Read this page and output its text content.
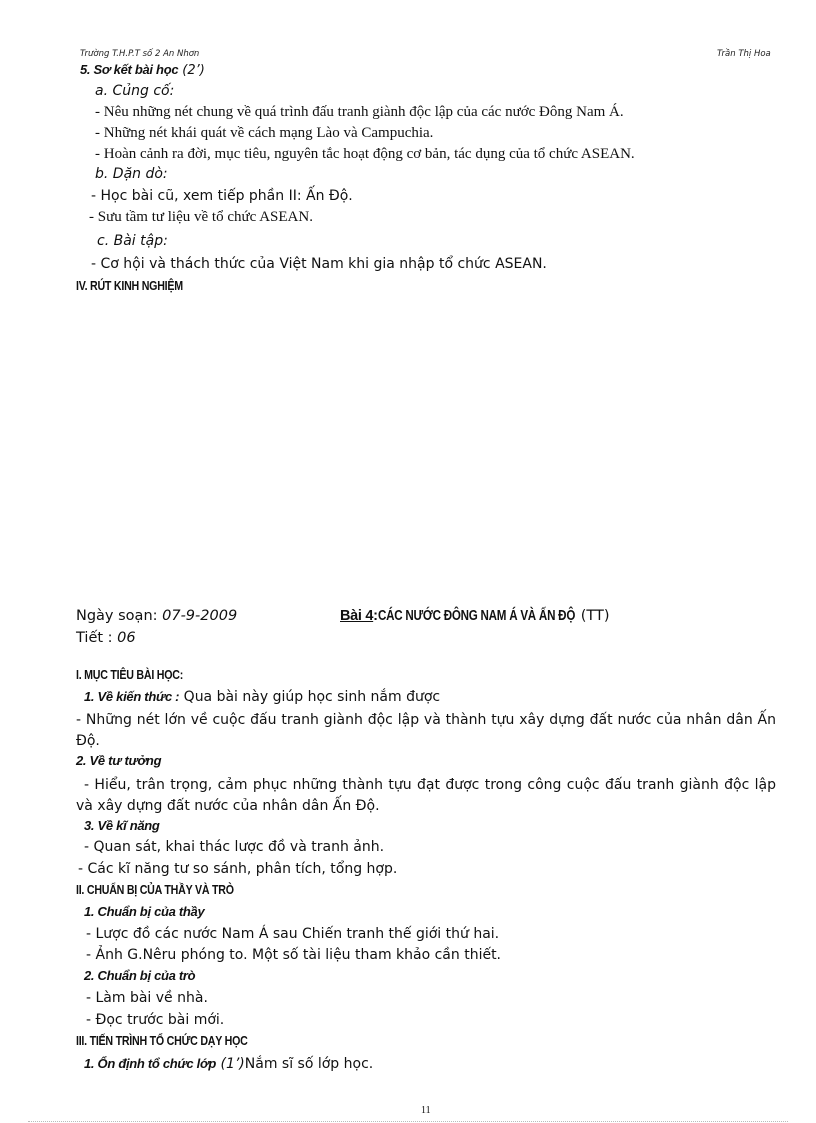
Trường T.H.P.T số 2 An Nhơn	Trần Thị Hoa
5. Sơ kết bài học (2’)
a. Củng cố:
- Nêu những nét chung về quá trình đấu tranh giành độc lập của các nước Đông Nam Á.
- Những nét khái quát về cách mạng Lào và Campuchia.
- Hoàn cảnh ra đời, mục tiêu, nguyên tắc hoạt động cơ bản, tác dụng của tổ chức ASEAN.
b. Dặn dò:
- Học bài cũ, xem tiếp phần II: Ấn Độ.
- Sưu tầm tư liệu về tổ chức ASEAN.
c. Bài tập:
- Cơ hội và thách thức của Việt Nam khi gia nhập tổ chức ASEAN.
IV. RÚT KINH NGHIỆM
Ngày soạn: 07-9-2009
Tiết : 06
Bài 4:CÁC NƯỚC ĐÔNG NAM Á VÀ ẤN ĐỘ (TT)
I. MỤC TIÊU BÀI HỌC:
1. Về kiến thức : Qua bài này giúp học sinh nắm được
- Những nét lớn về cuộc đấu tranh giành độc lập và thành tựu xây dựng đất nước của nhân dân Ấn Độ.
2. Về tư tưởng
- Hiểu, trân trọng, cảm phục những thành tựu đạt được trong công cuộc đấu tranh giành độc lập và xây dựng đất nước của nhân dân Ấn Độ.
3. Về kĩ năng
- Quan sát, khai thác lược đồ và tranh ảnh.
- Các kĩ năng tư so sánh, phân tích, tổng hợp.
II. CHUẨN BỊ CỦA THẦY VÀ TRÒ
1. Chuẩn bị của thầy
- Lược đồ các nước Nam Á sau Chiến tranh thế giới thứ hai.
- Ảnh G.Nêru phóng to. Một số tài liệu tham khảo cần thiết.
2. Chuẩn bị của trò
- Làm bài về nhà.
- Đọc trước bài mới.
III. TIẾN TRÌNH TỔ CHỨC DẠY HỌC
1. Ổn định tổ chức lớp (1’)Nắm sĩ số lớp học.
11
